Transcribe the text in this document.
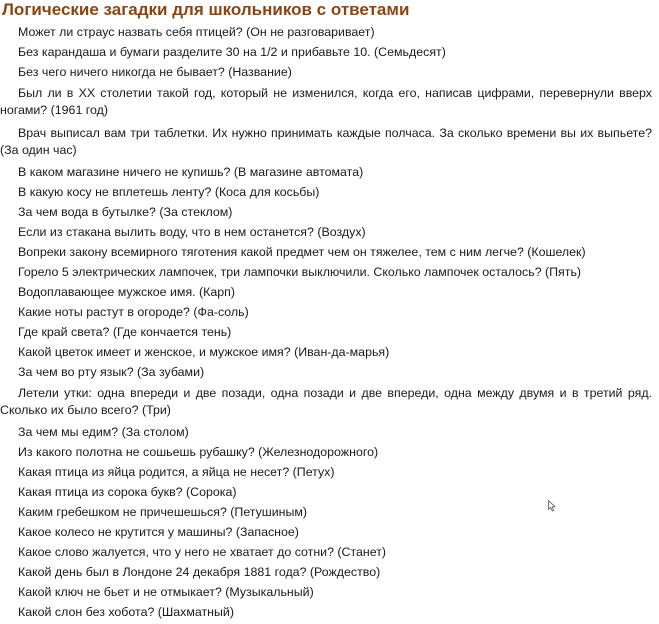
Логические загадки для школьников с ответами
Может ли страус назвать себя птицей? (Он не разговаривает)
Без карандаша и бумаги разделите 30 на 1/2 и прибавьте 10. (Семьдесят)
Без чего ничего никогда не бывает? (Название)
Был ли в XX столетии такой год, который не изменился, когда его, написав цифрами, перевернули вверх ногами? (1961 год)
Врач выписал вам три таблетки. Их нужно принимать каждые полчаса. За сколько времени вы их выпьете? (За один час)
В каком магазине ничего не купишь? (В магазине автомата)
В какую косу не вплетешь ленту? (Коса для косьбы)
За чем вода в бутылке? (За стеклом)
Если из стакана вылить воду, что в нем останется? (Воздух)
Вопреки закону всемирного тяготения какой предмет чем он тяжелее, тем с ним легче? (Кошелек)
Горело 5 электрических лампочек, три лампочки выключили. Сколько лампочек осталось? (Пять)
Водоплавающее мужское имя. (Карп)
Какие ноты растут в огороде? (Фа-соль)
Где край света? (Где кончается тень)
Какой цветок имеет и женское, и мужское имя? (Иван-да-марья)
За чем во рту язык? (За зубами)
Летели утки: одна впереди и две позади, одна позади и две впереди, одна между двумя и в третий ряд. Сколько их было всего? (Три)
За чем мы едим? (За столом)
Из какого полотна не сошьешь рубашку? (Железнодорожного)
Какая птица из яйца родится, а яйца не несет? (Петух)
Какая птица из сорока букв? (Сорока)
Каким гребешком не причешешься? (Петушиным)
Какое колесо не крутится у машины? (Запасное)
Какое слово жалуется, что у него не хватает до сотни? (Станет)
Какой день был в Лондоне 24 декабря 1881 года? (Рождество)
Какой ключ не бьет и не отмыкает? (Музыкальный)
Какой слон без хобота? (Шахматный)
